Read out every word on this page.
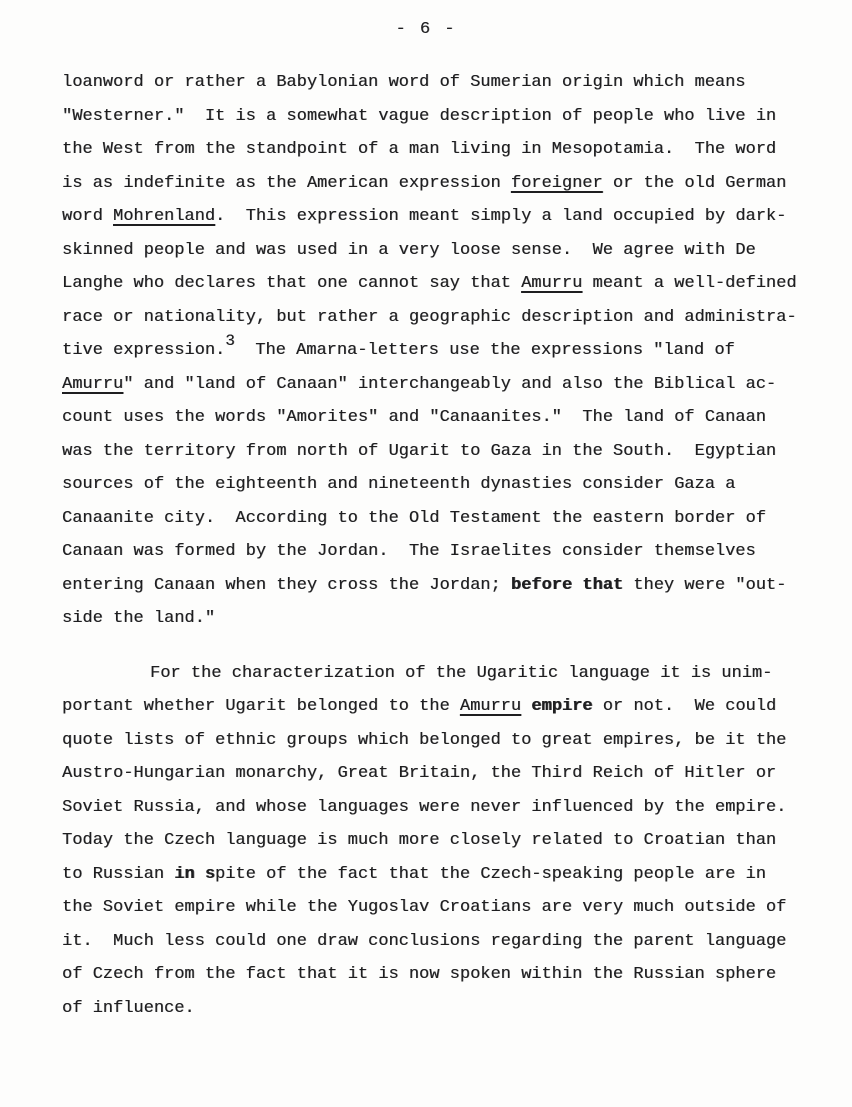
- 6 -
loanword or rather a Babylonian word of Sumerian origin which means
"Westerner."  It is a somewhat vague description of people who live in
the West from the standpoint of a man living in Mesopotamia.  The word
is as indefinite as the American expression foreigner or the old German
word Mohrenland.  This expression meant simply a land occupied by dark-
skinned people and was used in a very loose sense.  We agree with De
Langhe who declares that one cannot say that Amurru meant a well-defined
race or nationality, but rather a geographic description and administra-
tive expression.3  The Amarna-letters use the expressions "land of
Amurru" and "land of Canaan" interchangeably and also the Biblical ac-
count uses the words "Amorites" and "Canaanites."  The land of Canaan
was the territory from north of Ugarit to Gaza in the South.  Egyptian
sources of the eighteenth and nineteenth dynasties consider Gaza a
Canaanite city.  According to the Old Testament the eastern border of
Canaan was formed by the Jordan.  The Israelites consider themselves
entering Canaan when they cross the Jordan; before that they were "out-
side the land."
For the characterization of the Ugaritic language it is unim-
portant whether Ugarit belonged to the Amurru empire or not.  We could
quote lists of ethnic groups which belonged to great empires, be it the
Austro-Hungarian monarchy, Great Britain, the Third Reich of Hitler or
Soviet Russia, and whose languages were never influenced by the empire.
Today the Czech language is much more closely related to Croatian than
to Russian in spite of the fact that the Czech-speaking people are in
the Soviet empire while the Yugoslav Croatians are very much outside of
it.  Much less could one draw conclusions regarding the parent language
of Czech from the fact that it is now spoken within the Russian sphere
of influence.
